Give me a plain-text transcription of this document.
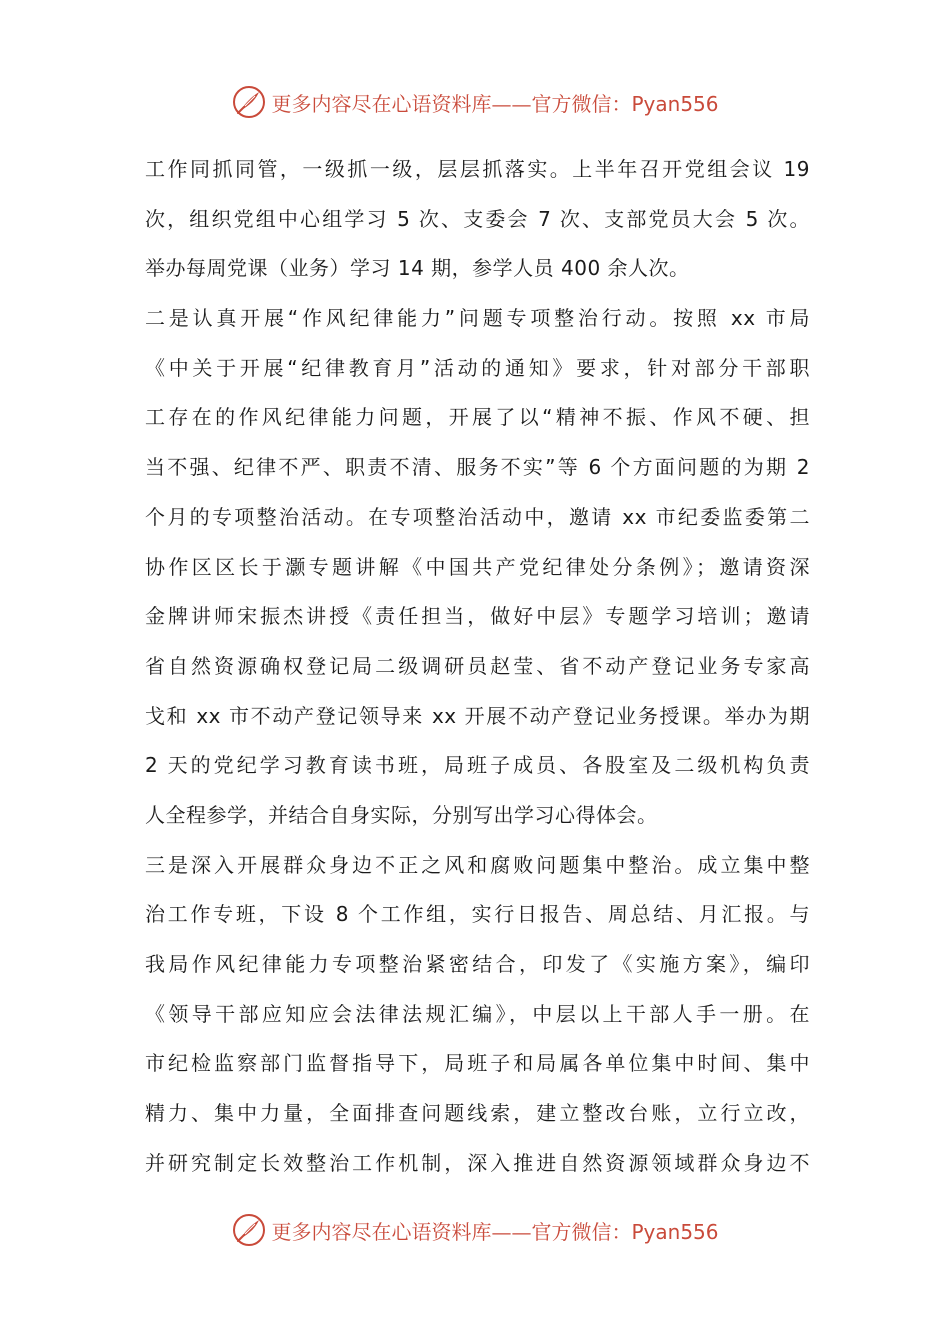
更多内容尽在心语资料库——官方微信：Pyan556
工作同抓同管，一级抓一级，层层抓落实。上半年召开党组会议 19
次，组织党组中心组学习 5 次、支委会 7 次、支部党员大会 5 次。
举办每周党课（业务）学习 14 期，参学人员 400 余人次。
二是认真开展“作风纪律能力”问题专项整治行动。按照 xx 市局
《中关于开展“纪律教育月”活动的通知》要求，针对部分干部职
工存在的作风纪律能力问题，开展了以“精神不振、作风不硬、担
当不强、纪律不严、职责不清、服务不实”等 6 个方面问题的为期 2
个月的专项整治活动。在专项整治活动中，邀请 xx 市纪委监委第二
协作区区长于灏专题讲解《中国共产党纪律处分条例》；邀请资深
金牌讲师宋振杰讲授《责任担当，做好中层》专题学习培训；邀请
省自然资源确权登记局二级调研员赵莹、省不动产登记业务专家高
戈和 xx 市不动产登记领导来 xx 开展不动产登记业务授课。举办为期
2 天的党纪学习教育读书班，局班子成员、各股室及二级机构负责
人全程参学，并结合自身实际，分别写出学习心得体会。
三是深入开展群众身边不正之风和腐败问题集中整治。成立集中整
治工作专班，下设 8 个工作组，实行日报告、周总结、月汇报。与
我局作风纪律能力专项整治紧密结合，印发了《实施方案》，编印
《领导干部应知应会法律法规汇编》，中层以上干部人手一册。在
市纪检监察部门监督指导下，局班子和局属各单位集中时间、集中
精力、集中力量，全面排查问题线索，建立整改台账，立行立改，
并研究制定长效整治工作机制，深入推进自然资源领域群众身边不
更多内容尽在心语资料库——官方微信：Pyan556
